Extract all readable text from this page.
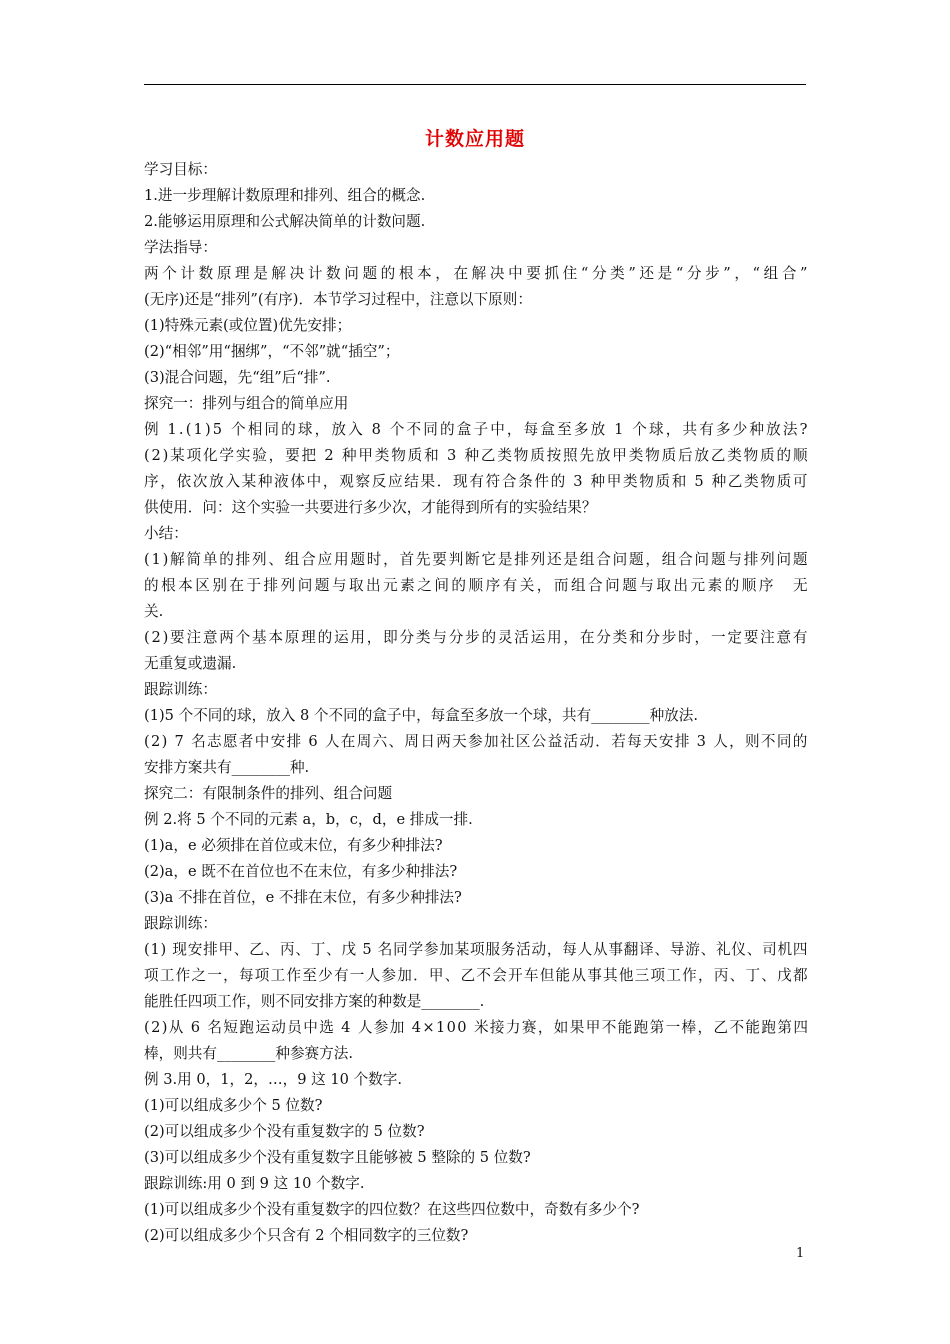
计数应用题
学习目标：
1.进一步理解计数原理和排列、组合的概念.
2.能够运用原理和公式解决简单的计数问题.
学法指导：
两 个 计 数 原 理 是 解 决 计 数 问 题 的 根 本 ， 在 解 决 中 要 抓 住 “ 分 类 ” 还 是 “ 分 步 ” ， “ 组 合 ”
(无序)还是“排列”(有序)．本节学习过程中，注意以下原则：
(1)特殊元素(或位置)优先安排；
(2)“相邻”用“捆绑”，“不邻”就“插空”；
(3)混合问题，先“组”后“排”.
探究一：排列与组合的简单应用
例
1 . ( 1 ) 5
个 相 同 的 球 ， 放 入
8
个 不 同 的 盒 子 中 ， 每 盒 至 多 放
1
个 球 ， 共 有 多 少 种 放 法 ?
( 2 ) 某 项 化 学 实 验 ， 要 把
2
种 甲 类 物 质 和
3
种 乙 类 物 质 按 照 先 放 甲 类 物 质 后 放 乙 类 物 质 的 顺
序 ， 依 次 放 入 某 种 液 体 中 ， 观 察 反 应 结 果 ． 现 有 符 合 条 件 的
3
种 甲 类 物 质 和
5
种 乙 类 物 质 可
供使用．问：这个实验一共要进行多少次，才能得到所有的实验结果？
小结：
( 1 ) 解 简 单 的 排 列 、 组 合 应 用 题 时 ， 首 先 要 判 断 它 是 排 列 还 是 组 合 问 题 ， 组 合 问 题 与 排 列 问 题
的 根 本 区 别 在 于 排 列 问 题 与 取 出 元 素 之 间 的 顺 序 有 关 ， 而 组 合 问 题 与 取 出 元 素 的 顺 序
　 无
关.
( 2 ) 要 注 意 两 个 基 本 原 理 的 运 用 ， 即 分 类 与 分 步 的 灵 活 运 用 ， 在 分 类 和 分 步 时 ， 一 定 要 注 意 有
无重复或遗漏.
跟踪训练：
(1)5 个不同的球，放入 8 个不同的盒子中，每盒至多放一个球，共有________种放法.
( 2 )
7
名 志 愿 者 中 安 排
6
人 在 周 六 、 周 日 两 天 参 加 社 区 公 益 活 动 ． 若 每 天 安 排
3
人 ， 则 不 同 的
安排方案共有________种.
探究二：有限制条件的排列、组合问题
例 2.将 5 个不同的元素 a，b，c，d，e 排成一排.
(1)a，e 必须排在首位或末位，有多少种排法?
(2)a，e 既不在首位也不在末位，有多少种排法?
(3)a 不排在首位，e 不排在末位，有多少种排法?
跟踪训练：
( 1 )
现 安 排 甲 、 乙 、 丙 、 丁 、 戊
5
名 同 学 参 加 某 项 服 务 活 动 ， 每 人 从 事 翻 译 、 导 游 、 礼 仪 、 司 机 四
项 工 作 之 一 ， 每 项 工 作 至 少 有 一 人 参 加 ． 甲 、 乙 不 会 开 车 但 能 从 事 其 他 三 项 工 作 ， 丙 、 丁 、 戊 都
能胜任四项工作，则不同安排方案的种数是________.
( 2 ) 从
6
名 短 跑 运 动 员 中 选
4
人 参 加
4 × 1 0 0
米 接 力 赛 ， 如 果 甲 不 能 跑 第 一 棒 ， 乙 不 能 跑 第 四
棒，则共有________种参赛方法.
例 3.用 0，1，2，…，9 这 10 个数字.
(1)可以组成多少个 5 位数?
(2)可以组成多少个没有重复数字的 5 位数?
(3)可以组成多少个没有重复数字且能够被 5 整除的 5 位数?
跟踪训练:用 0 到 9 这 10 个数字.
(1)可以组成多少个没有重复数字的四位数？在这些四位数中，奇数有多少个?
(2)可以组成多少个只含有 2 个相同数字的三位数?
1
